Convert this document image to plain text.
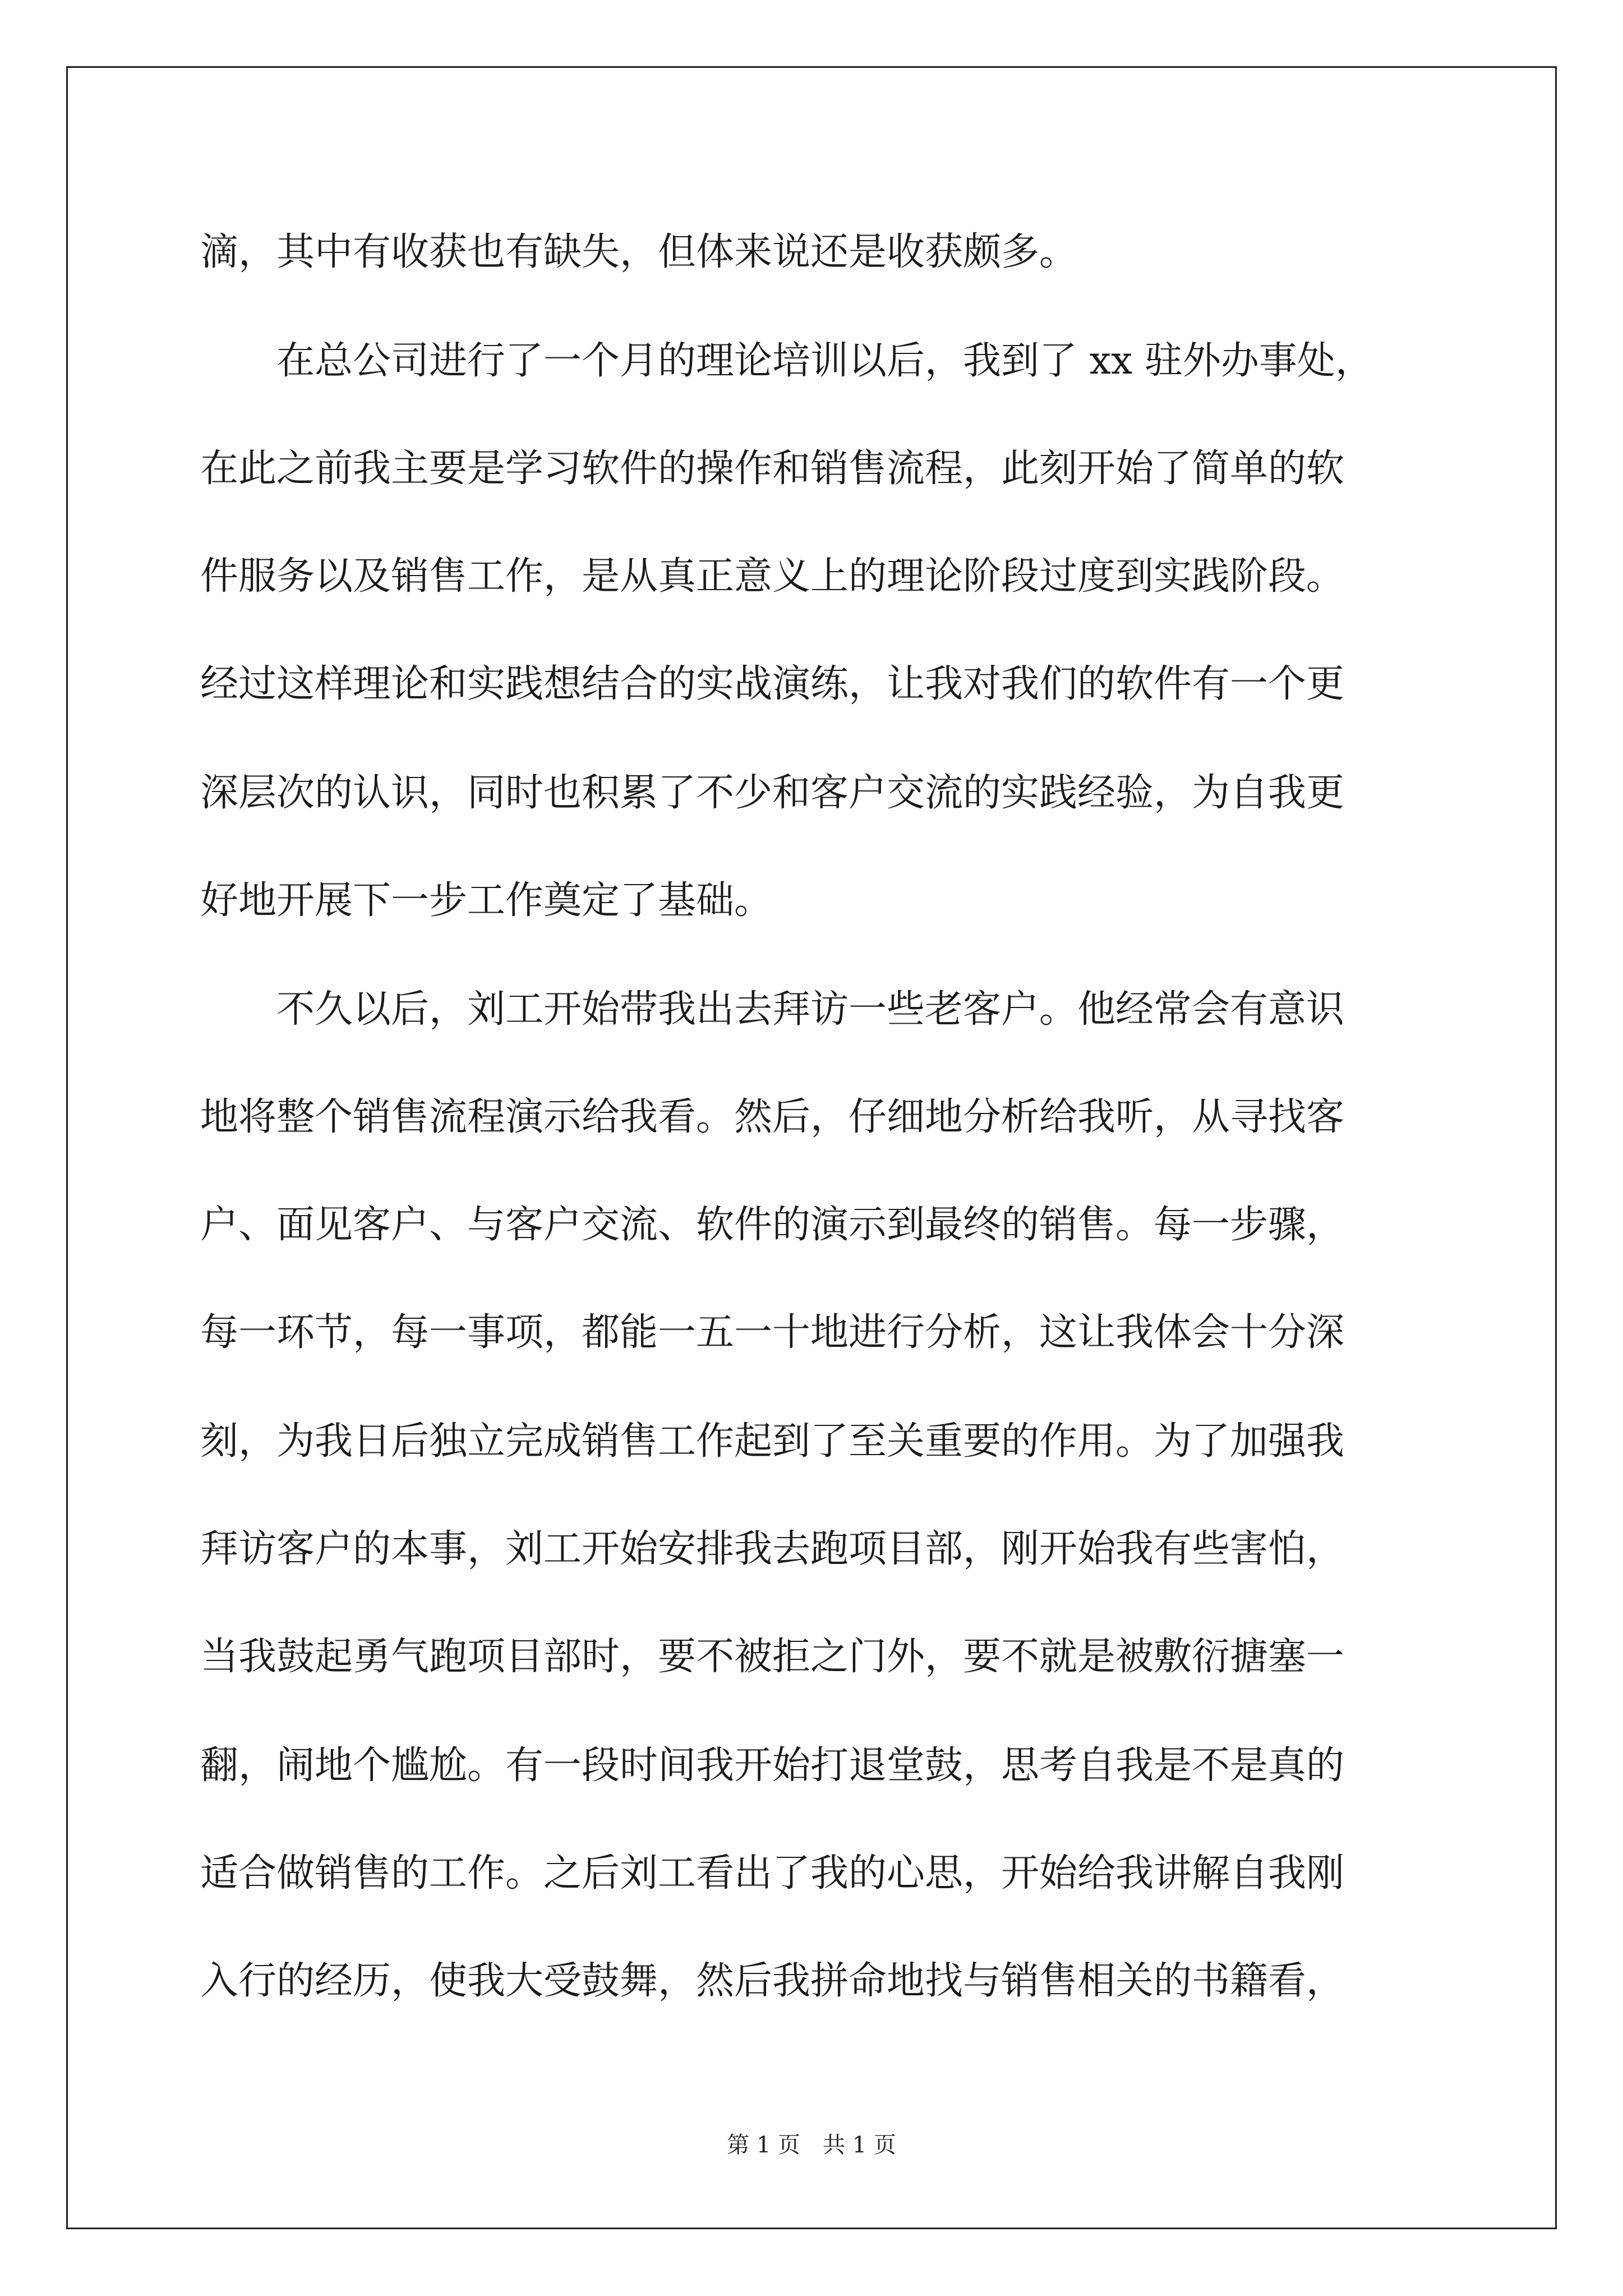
滴，其中有收获也有缺失，但体来说还是收获颇多。

　　在总公司进行了一个月的理论培训以后，我到了 xx 驻外办事处，

在此之前我主要是学习软件的操作和销售流程，此刻开始了简单的软

件服务以及销售工作，是从真正意义上的理论阶段过度到实践阶段。

经过这样理论和实践想结合的实战演练，让我对我们的软件有一个更

深层次的认识，同时也积累了不少和客户交流的实践经验，为自我更

好地开展下一步工作奠定了基础。

　　不久以后，刘工开始带我出去拜访一些老客户。他经常会有意识

地将整个销售流程演示给我看。然后，仔细地分析给我听，从寻找客

户、面见客户、与客户交流、软件的演示到最终的销售。每一步骤，

每一环节，每一事项，都能一五一十地进行分析，这让我体会十分深

刻，为我日后独立完成销售工作起到了至关重要的作用。为了加强我

拜访客户的本事，刘工开始安排我去跑项目部，刚开始我有些害怕，

当我鼓起勇气跑项目部时，要不被拒之门外，要不就是被敷衍搪塞一

翻，闹地个尴尬。有一段时间我开始打退堂鼓，思考自我是不是真的

适合做销售的工作。之后刘工看出了我的心思，开始给我讲解自我刚

入行的经历，使我大受鼓舞，然后我拼命地找与销售相关的书籍看，

第 1 页　共 1 页
